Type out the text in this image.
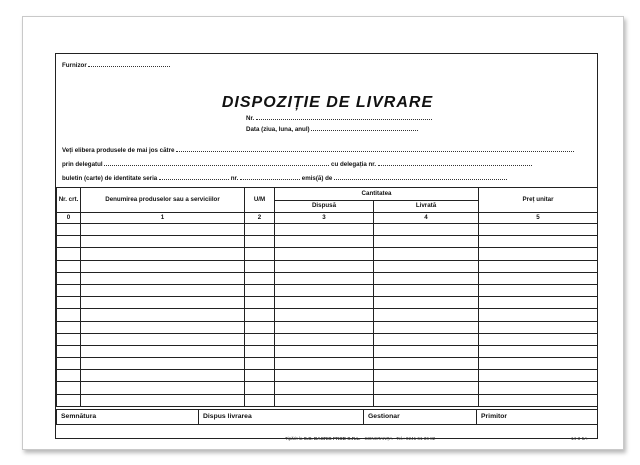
Furnizor
DISPOZIȚIE DE LIVRARE
Nr.
Data (ziua, luna, anul)
Veți elibera produsele de mai jos către
prin delegatul	cu delegația nr.
buletin (carte) de identitate seria	nr.	emis(ă) de
Nr. crt.	Denumirea produselor sau a serviciilor	U/M	Cantitatea		Preț unitar
			Dispusă	Livrată	
0	1	2	3	4	5

Semnătura	Dispus livrarea	Gestionar	Primitor
Tipărit la S.C. DACRIS PROD S.R.L. - CONSTANȚA - Tel.: 0241 61 36 82	14-3-5A
